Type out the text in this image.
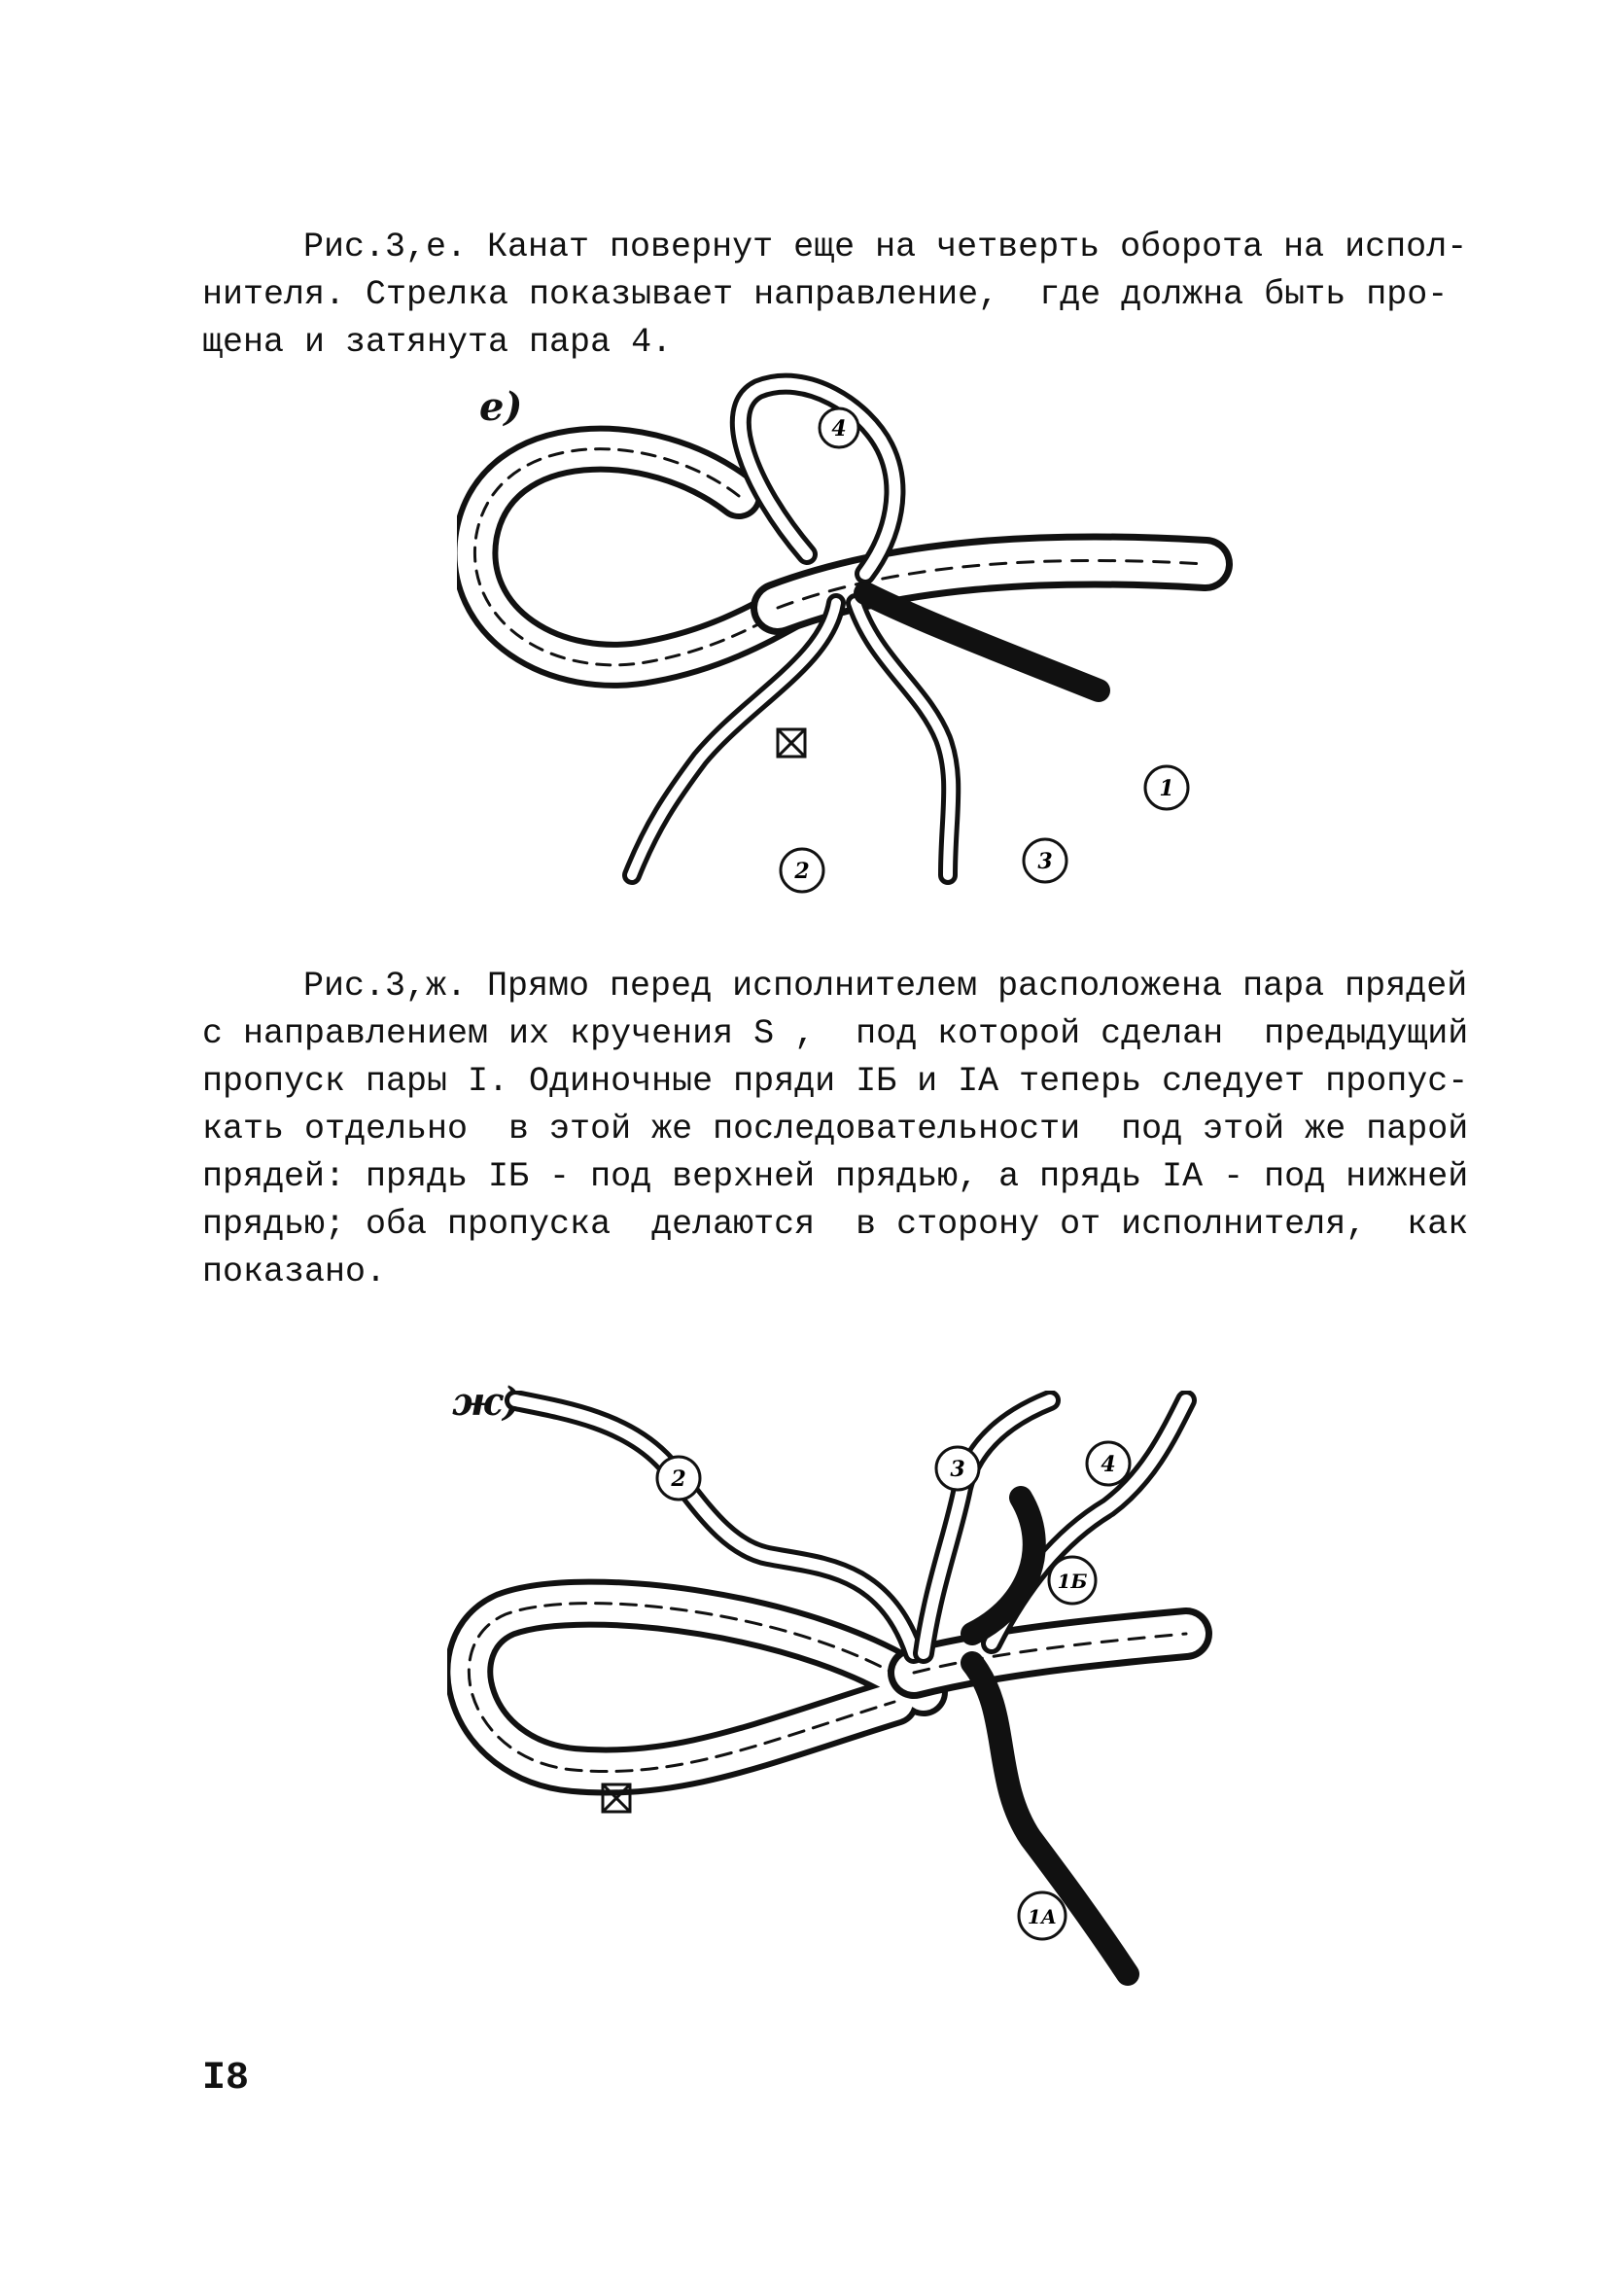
Рис.3,е. Канат повернут еще на четверть оборота на испол-
нителя. Стрелка показывает направление,  где должна быть про-
щена и затянута пара 4.
е)	4
1
2	3
Рис.3,ж. Прямо перед исполнителем расположена пара прядей
с направлением их кручения S ,  под которой сделан  предыдущий
пропуск пары I. Одиночные пряди IБ и IA теперь следует пропус-
кать отдельно  в этой же последовательности  под этой же парой
прядей: прядь IБ - под верхней прядью, а прядь IA - под нижней
прядью; оба пропуска  делаются  в сторону от исполнителя,  как
показано.
ж)
2	3	4
1Б
1А
I8
